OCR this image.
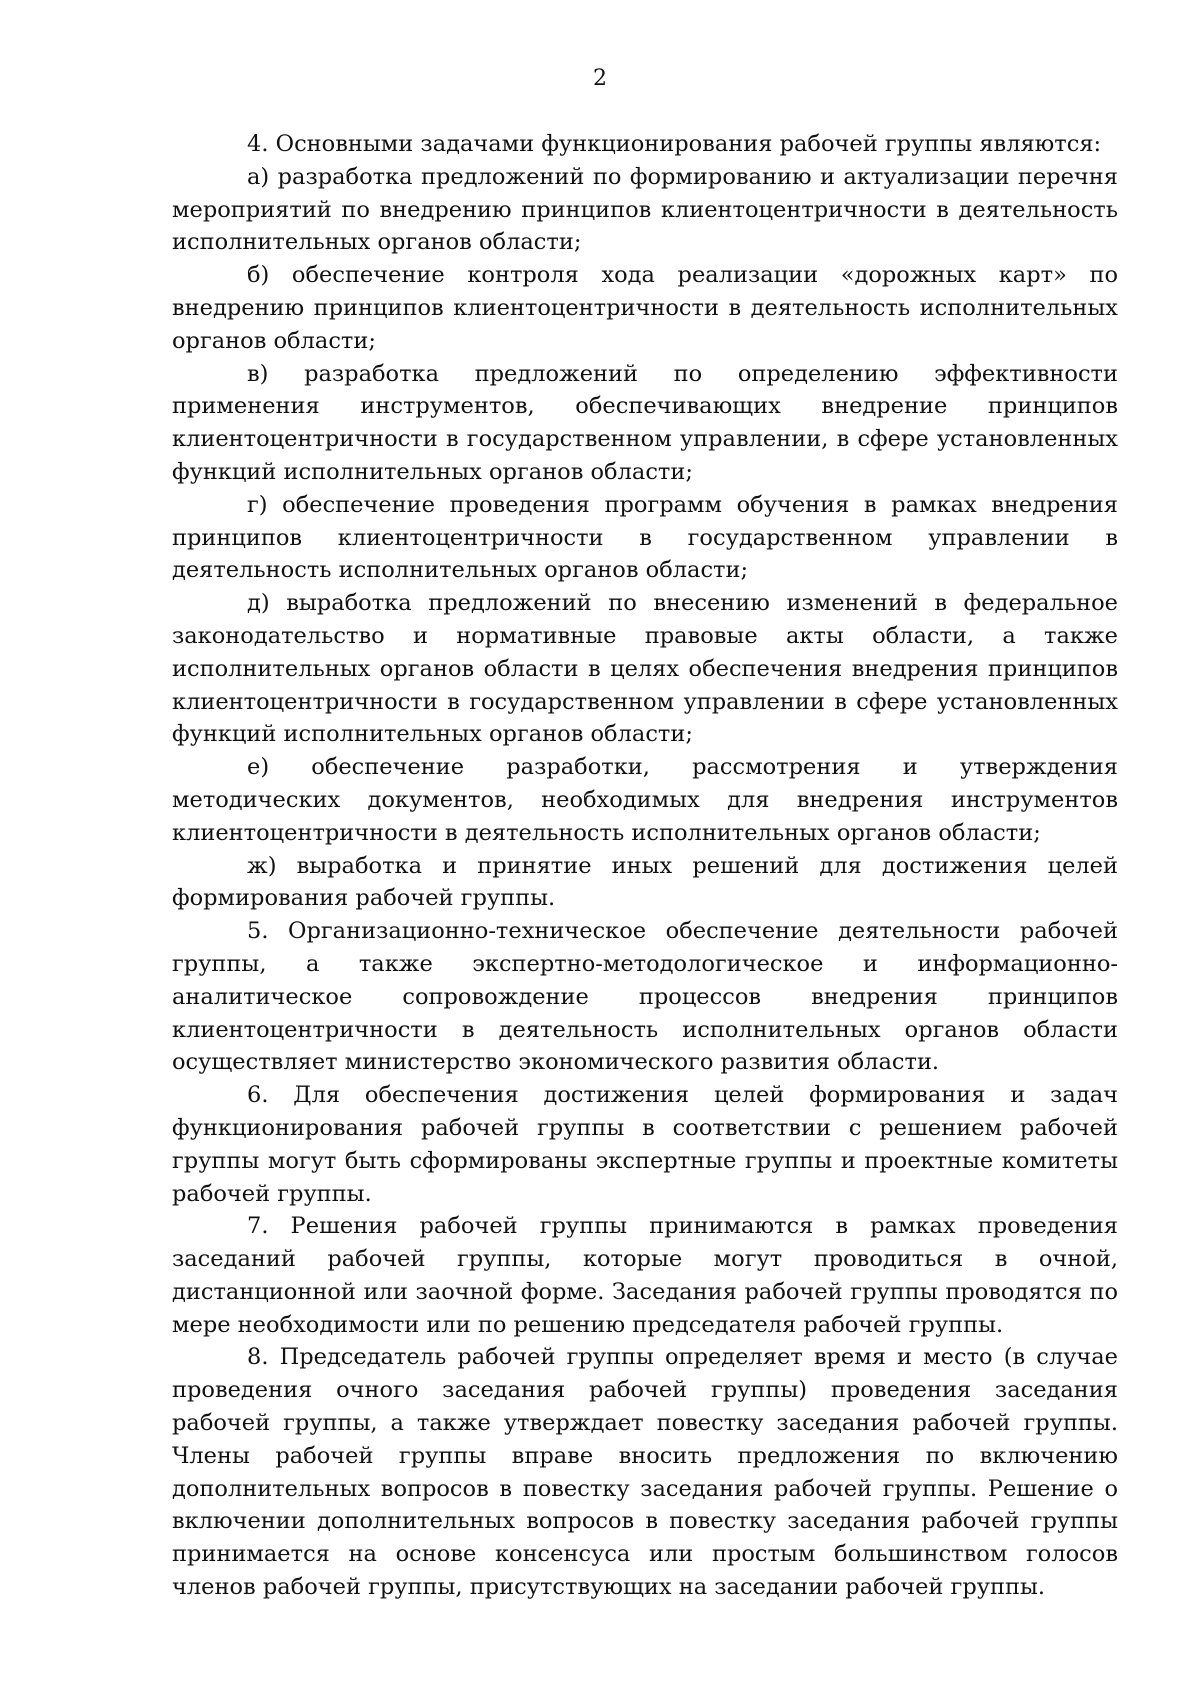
2

4. Основными задачами функционирования рабочей группы являются:

а) разработка предложений по формированию и актуализации перечня мероприятий по внедрению принципов клиентоцентричности в деятельность исполнительных органов области;

б) обеспечение контроля хода реализации «дорожных карт» по внедрению принципов клиентоцентричности в деятельность исполнительных органов области;

в) разработка предложений по определению эффективности применения инструментов, обеспечивающих внедрение принципов клиентоцентричности в государственном управлении, в сфере установленных функций исполнительных органов области;

г) обеспечение проведения программ обучения в рамках внедрения принципов клиентоцентричности в государственном управлении в деятельность исполнительных органов области;

д) выработка предложений по внесению изменений в федеральное законодательство и нормативные правовые акты области, а также исполнительных органов области в целях обеспечения внедрения принципов клиентоцентричности в государственном управлении в сфере установленных функций исполнительных органов области;

е) обеспечение разработки, рассмотрения и утверждения методических документов, необходимых для внедрения инструментов клиентоцентричности в деятельность исполнительных органов области;

ж) выработка и принятие иных решений для достижения целей формирования рабочей группы.

5. Организационно-техническое обеспечение деятельности рабочей группы, а также экспертно-методологическое и информационно-аналитическое сопровождение процессов внедрения принципов клиентоцентричности в деятельность исполнительных органов области осуществляет министерство экономического развития области.

6. Для обеспечения достижения целей формирования и задач функционирования рабочей группы в соответствии с решением рабочей группы могут быть сформированы экспертные группы и проектные комитеты рабочей группы.

7. Решения рабочей группы принимаются в рамках проведения заседаний рабочей группы, которые могут проводиться в очной, дистанционной или заочной форме. Заседания рабочей группы проводятся по мере необходимости или по решению председателя рабочей группы.

8. Председатель рабочей группы определяет время и место (в случае проведения очного заседания рабочей группы) проведения заседания рабочей группы, а также утверждает повестку заседания рабочей группы. Члены рабочей группы вправе вносить предложения по включению дополнительных вопросов в повестку заседания рабочей группы. Решение о включении дополнительных вопросов в повестку заседания рабочей группы принимается на основе консенсуса или простым большинством голосов членов рабочей группы, присутствующих на заседании рабочей группы.
